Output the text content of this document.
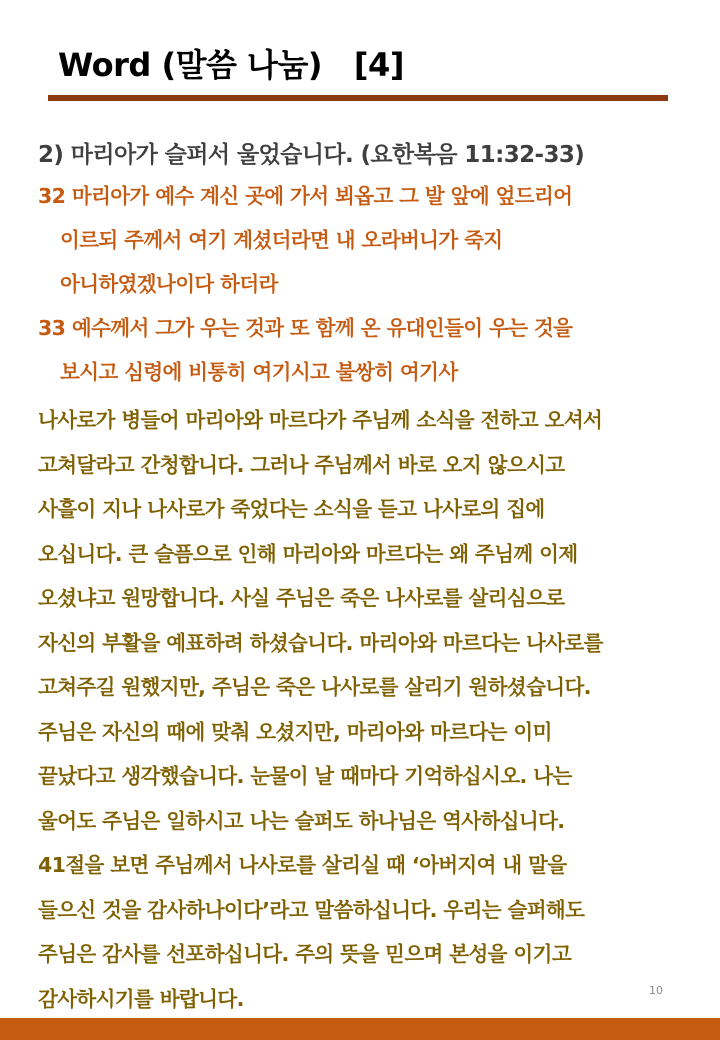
Word (말씀 나눔)   [4]
2) 마리아가 슬퍼서 울었습니다. (요한복음 11:32-33)
32 마리아가 예수 계신 곳에 가서 뵈옵고 그 발 앞에 엎드리어
이르되 주께서 여기 계셨더라면 내 오라버니가 죽지
아니하였겠나이다 하더라
33 예수께서 그가 우는 것과 또 함께 온 유대인들이 우는 것을
보시고 심령에 비통히 여기시고 불쌍히 여기사
나사로가 병들어 마리아와 마르다가 주님께 소식을 전하고 오셔서
고쳐달라고 간청합니다. 그러나 주님께서 바로 오지 않으시고
사흘이 지나 나사로가 죽었다는 소식을 듣고 나사로의 집에
오십니다. 큰 슬픔으로 인해 마리아와 마르다는 왜 주님께 이제
오셨냐고 원망합니다. 사실 주님은 죽은 나사로를 살리심으로
자신의 부활을 예표하려 하셨습니다. 마리아와 마르다는 나사로를
고쳐주길 원했지만, 주님은 죽은 나사로를 살리기 원하셨습니다.
주님은 자신의 때에 맞춰 오셨지만, 마리아와 마르다는 이미
끝났다고 생각했습니다. 눈물이 날 때마다 기억하십시오. 나는
울어도 주님은 일하시고 나는 슬퍼도 하나님은 역사하십니다.
41절을 보면 주님께서 나사로를 살리실 때 ‘아버지여 내 말을
들으신 것을 감사하나이다’라고 말씀하십니다. 우리는 슬퍼해도
주님은 감사를 선포하십니다. 주의 뜻을 믿으며 본성을 이기고
감사하시기를 바랍니다.	10
